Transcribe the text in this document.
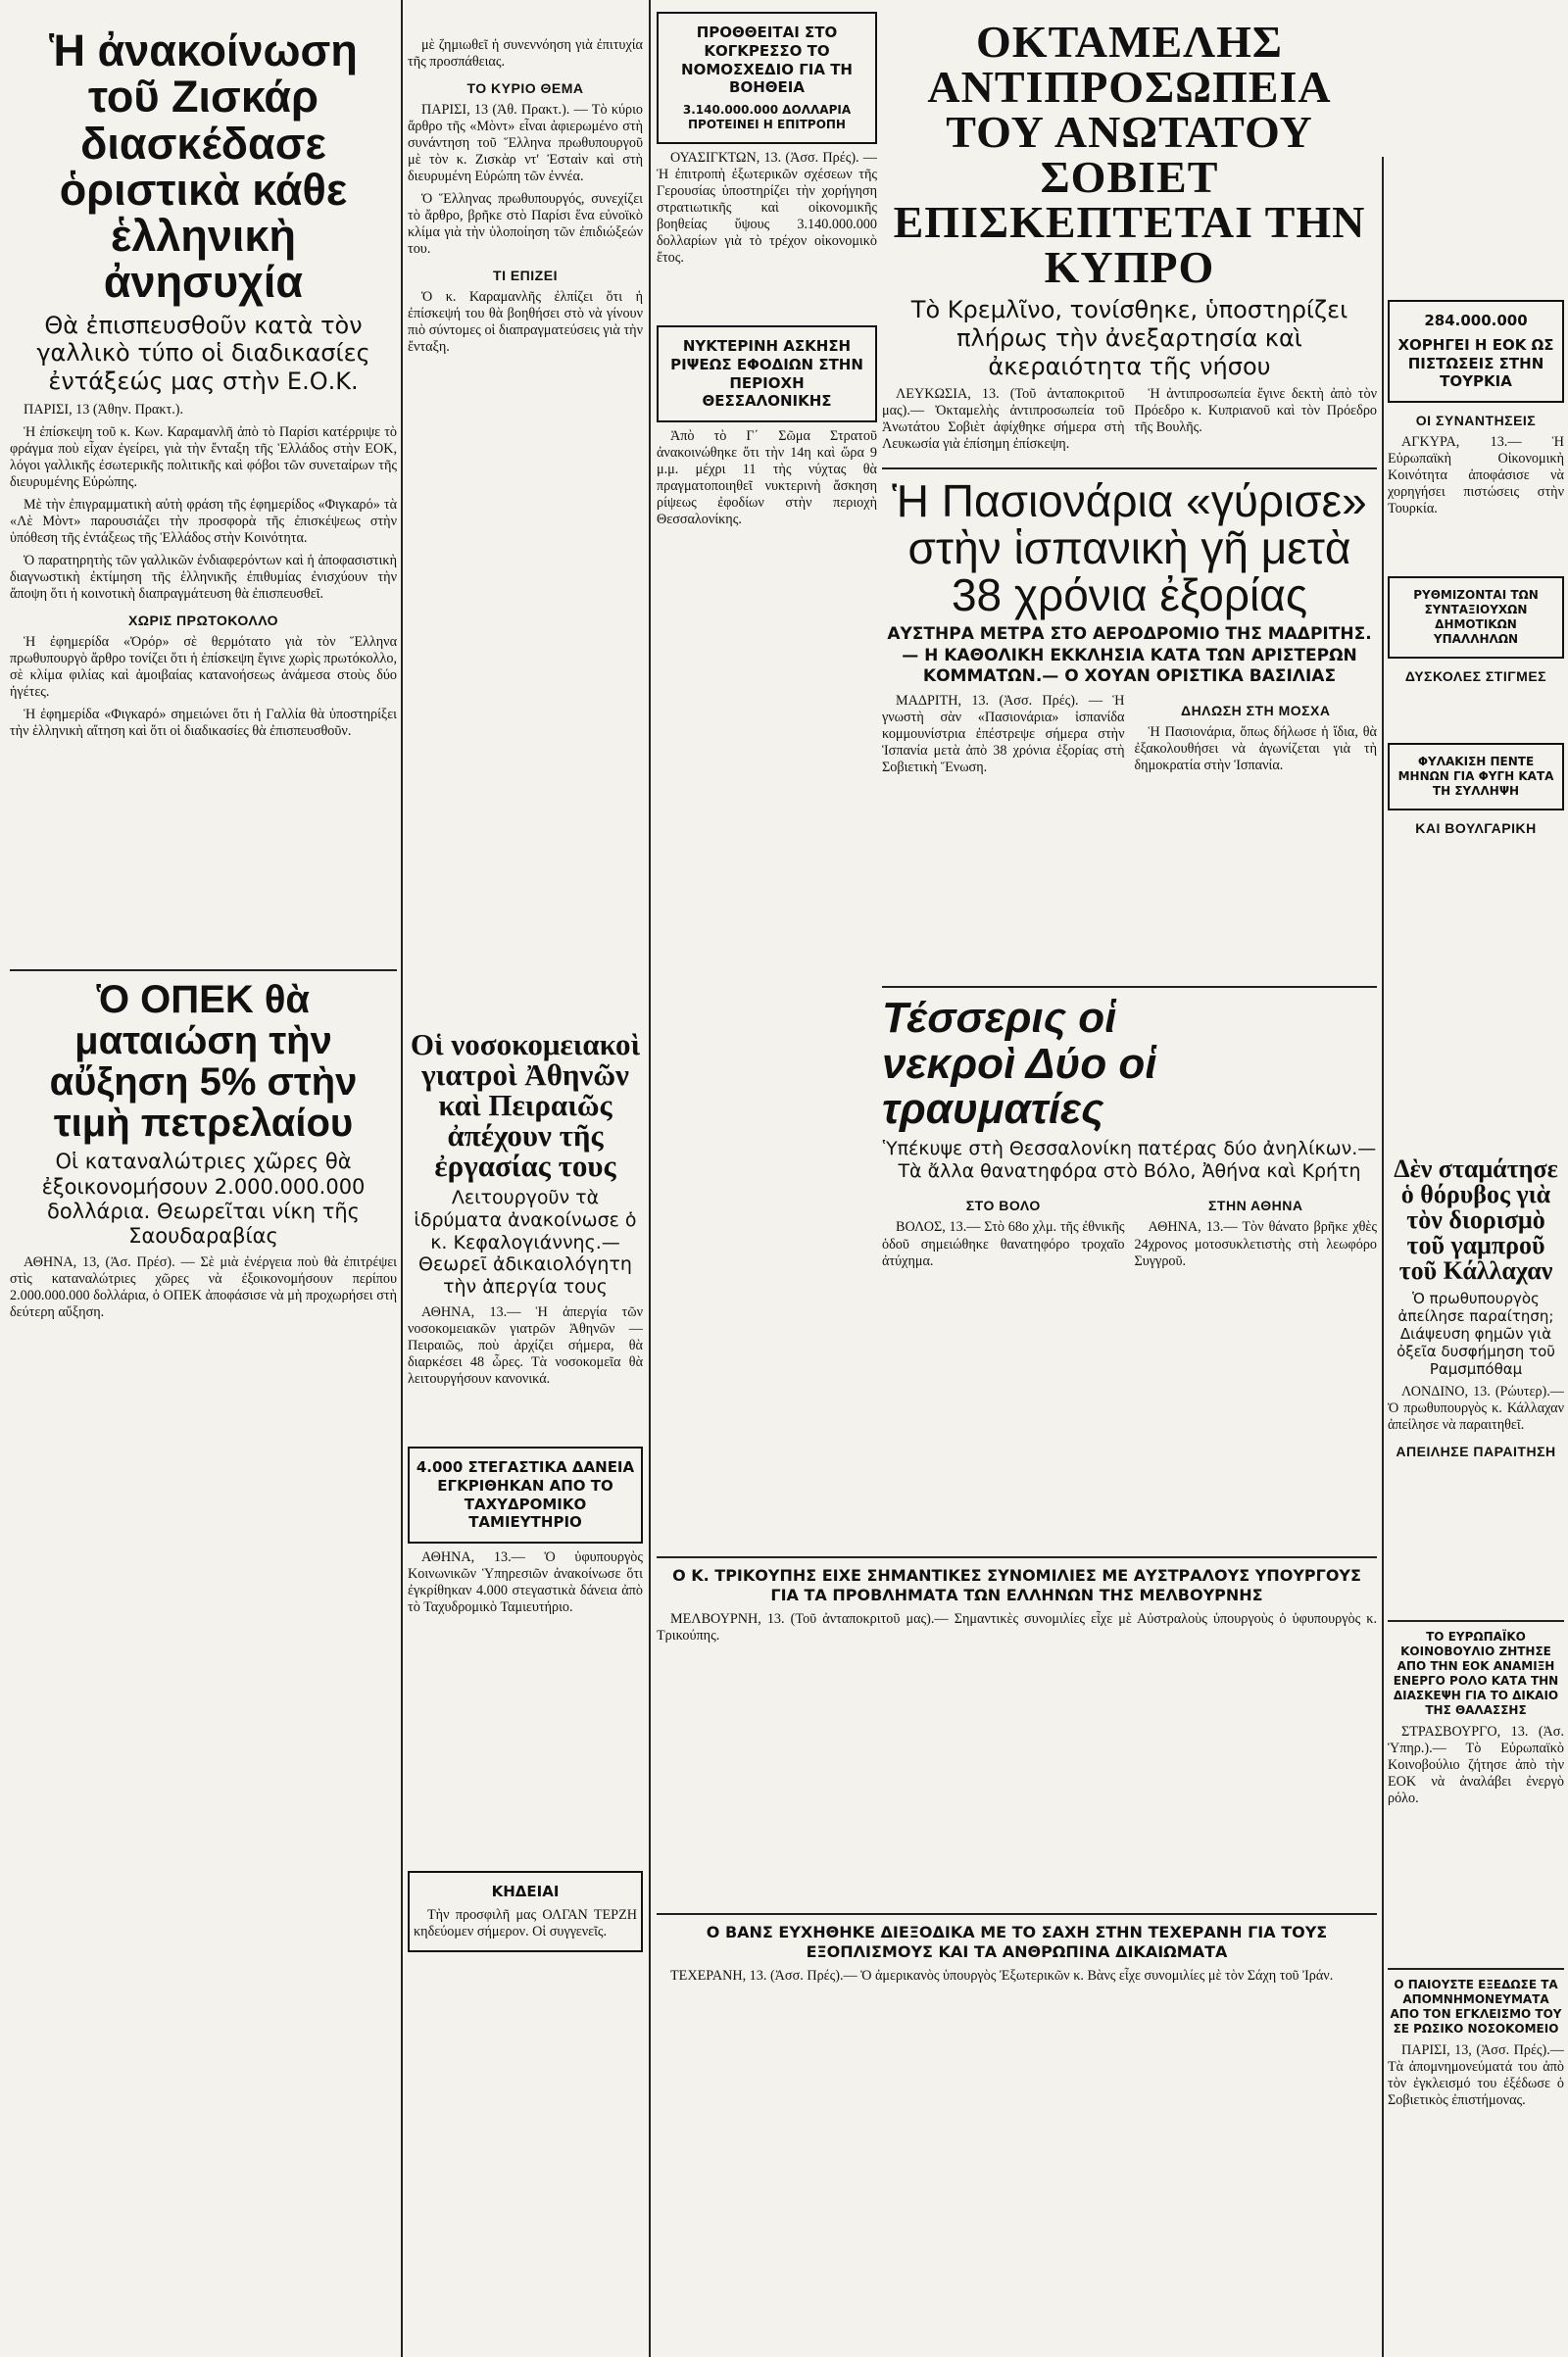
Ἡ ἀνακοίνωση τοῦ Ζισκάρ διασκέδασε ὁριστικὰ κάθε ἑλληνικὴ ἀνησυχία

Θὰ ἐπισπευσθοῦν κατὰ τὸν γαλλικὸ τύπο οἱ διαδικασίες ἐντάξεώς μας στὴν Ε.Ο.Κ.

ΠΑΡΙΣΙ, 13 (Ἀθην. Πρακτ.).

Ἡ ἐπίσκεψη τοῦ κ. Κων. Καραμανλῆ ἀπὸ τὸ Παρίσι κατέρριψε τὸ φράγμα ποὺ εἶχαν ἐγείρει, γιὰ τὴν ἔνταξη τῆς Ἑλλάδος στὴν ΕΟΚ, λόγοι γαλλικῆς ἐσωτερικῆς πολιτικῆς καὶ φόβοι τῶν συνεταίρων τῆς διευρυμένης Εὐρώπης.

Μὲ τὴν ἐπιγραμματικὴ αὐτὴ φράση τῆς ἐφημερίδος «Φιγκαρό» τὰ «Λὲ Μὸντ» παρουσιάζει τὴν προσφορὰ τῆς ἐπισκέψεως στὴν ὑπόθεση τῆς ἐντάξεως τῆς Ἑλλάδος στὴν Κοινότητα.

Ὁ παρατηρητὴς τῶν γαλλικῶν ἐνδιαφερόντων καὶ ἡ ἀποφασιστικὴ διαγνωστικὴ ἐκτίμηση τῆς ἑλληνικῆς ἐπιθυμίας ἐνισχύουν τὴν ἄποψη ὅτι ἡ κοινοτικὴ διαπραγμάτευση θὰ ἐπισπευσθεῖ.

ΧΩΡΙΣ ΠΡΩΤΟΚΟΛΛΟ

Ἡ ἐφημερίδα «Ὀρόρ» σὲ θερμότατο γιὰ τὸν Ἕλληνα πρωθυπουργὸ ἄρθρο τονίζει ὅτι ἡ ἐπίσκεψη ἔγινε χωρὶς πρωτόκολλο, σὲ κλίμα φιλίας καὶ ἀμοιβαίας κατανοήσεως ἀνάμεσα στοὺς δύο ἡγέτες.

Ἡ ἐφημερίδα «Φιγκαρό» σημειώνει ὅτι ἡ Γαλλία θὰ ὑποστηρίξει τὴν ἑλληνικὴ αἴτηση καὶ ὅτι οἱ διαδικασίες θὰ ἐπισπευσθοῦν.

Ὁ ΟΠΕΚ θὰ ματαιώση τὴν αὔξηση 5% στὴν τιμὴ πετρελαίου

Οἱ καταναλώτριες χῶρες θὰ ἐξοικονομήσουν 2.000.000.000 δολλάρια. Θεωρεῖται νίκη τῆς Σαουδαραβίας

ΑΘΗΝΑ, 13, (Ἀσ. Πρέσ). — Σὲ μιὰ ἐνέργεια ποὺ θὰ ἐπιτρέψει στὶς καταναλώτριες χῶρες νὰ ἐξοικονομήσουν περίπου 2.000.000.000 δολλάρια, ὁ ΟΠΕΚ ἀποφάσισε νὰ μὴ προχωρήσει στὴ δεύτερη αὔξηση.

μὲ ζημιωθεῖ ἡ συνεννόηση γιὰ ἐπιτυχία τῆς προσπάθειας.

ΤΟ ΚΥΡΙΟ ΘΕΜΑ

ΠΑΡΙΣΙ, 13 (Ἀθ. Πρακτ.). — Τὸ κύριο ἄρθρο τῆς «Μὸντ» εἶναι ἀφιερωμένο στὴ συνάντηση τοῦ Ἕλληνα πρωθυπουργοῦ μὲ τὸν κ. Ζισκὰρ ντ' Ἐσταὶν καὶ στὴ διευρυμένη Εὐρώπη τῶν ἐννέα.

Ὁ Ἕλληνας πρωθυπουργός, συνεχίζει τὸ ἄρθρο, βρῆκε στὸ Παρίσι ἕνα εὐνοϊκὸ κλίμα γιὰ τὴν ὑλοποίηση τῶν ἐπιδιώξεών του.

ΤΙ ΕΠΙΖΕΙ

Ὁ κ. Καραμανλῆς ἐλπίζει ὅτι ἡ ἐπίσκεψή του θὰ βοηθήσει στὸ νὰ γίνουν πιὸ σύντομες οἱ διαπραγματεύσεις γιὰ τὴν ἔνταξη.

Οἱ νοσοκομειακοὶ γιατροὶ Ἀθηνῶν καὶ Πειραιῶς ἀπέχουν τῆς ἐργασίας τους

Λειτουργοῦν τὰ ἱδρύματα ἀνακοίνωσε ὁ κ. Κεφαλογιάννης.— Θεωρεῖ ἀδικαιολόγητη τὴν ἀπεργία τους

ΑΘΗΝΑ, 13.— Ἡ ἀπεργία τῶν νοσοκομειακῶν γιατρῶν Ἀθηνῶν — Πειραιῶς, ποὺ ἀρχίζει σήμερα, θὰ διαρκέσει 48 ὧρες. Τὰ νοσοκομεῖα θὰ λειτουργήσουν κανονικά.

4.000 ΣΤΕΓΑΣΤΙΚΑ ΔΑΝΕΙΑ ΕΓΚΡΙΘΗΚΑΝ ΑΠΟ ΤΟ ΤΑΧΥΔΡΟΜΙΚΟ ΤΑΜΙΕΥΤΗΡΙΟ

ΑΘΗΝΑ, 13.— Ὁ ὑφυπουργὸς Κοινωνικῶν Ὑπηρεσιῶν ἀνακοίνωσε ὅτι ἐγκρίθηκαν 4.000 στεγαστικὰ δάνεια ἀπὸ τὸ Ταχυδρομικὸ Ταμιευτήριο.

ΚΗΔΕΙΑΙ

Τὴν προσφιλῆ μας ΟΛΓΑΝ ΤΕΡΖΗ κηδεύομεν σήμερον. Οἱ συγγενεῖς.

ΠΡΟΘΘΕΙΤΑΙ ΣΤΟ ΚΟΓΚΡΕΣΣΟ ΤΟ ΝΟΜΟΣΧΕΔΙΟ ΓΙΑ ΤΗ ΒΟΗΘΕΙΑ

3.140.000.000 ΔΟΛΛΑΡΙΑ ΠΡΟΤΕΙΝΕΙ Η ΕΠΙΤΡΟΠΗ

ΟΥΑΣΙΓΚΤΩΝ, 13. (Ἀσσ. Πρές). — Ἡ ἐπιτροπὴ ἐξωτερικῶν σχέσεων τῆς Γερουσίας ὑποστηρίζει τὴν χορήγηση στρατιωτικῆς καὶ οἰκονομικῆς βοηθείας ὕψους 3.140.000.000 δολλαρίων γιὰ τὸ τρέχον οἰκονομικὸ ἔτος.

ΝΥΚΤΕΡΙΝΗ ΑΣΚΗΣΗ ΡΙΨΕΩΣ ΕΦΟΔΙΩΝ ΣΤΗΝ ΠΕΡΙΟΧΗ ΘΕΣΣΑΛΟΝΙΚΗΣ

Ἀπὸ τὸ Γ΄ Σῶμα Στρατοῦ ἀνακοινώθηκε ὅτι τὴν 14η καὶ ὥρα 9 μ.μ. μέχρι 11 τὴς νύχτας θὰ πραγματοποιηθεῖ νυκτερινὴ ἄσκηση ρίψεως ἐφοδίων στὴν περιοχὴ Θεσσαλονίκης.

ΟΚΤΑΜΕΛΗΣ ΑΝΤΙΠΡΟΣΩΠΕΙΑ ΤΟΥ ΑΝΩΤΑΤΟΥ ΣΟΒΙΕΤ ΕΠΙΣΚΕΠΤΕΤΑΙ ΤΗΝ ΚΥΠΡΟ

Τὸ Κρεμλῖνο, τονίσθηκε, ὑποστηρίζει πλήρως τὴν ἀνεξαρτησία καὶ ἀκεραιότητα τῆς νήσου

ΛΕΥΚΩΣΙΑ, 13. (Τοῦ ἀνταποκριτοῦ μας).— Ὀκταμελὴς ἀντιπροσωπεία τοῦ Ἀνωτάτου Σοβιὲτ ἀφίχθηκε σήμερα στὴ Λευκωσία γιὰ ἐπίσημη ἐπίσκεψη.

Ἡ ἀντιπροσωπεία ἔγινε δεκτὴ ἀπὸ τὸν Πρόεδρο κ. Κυπριανοῦ καὶ τὸν Πρόεδρο τῆς Βουλῆς.

Ἡ Πασιονάρια «γύρισε» στὴν ἱσπανικὴ γῆ μετὰ 38 χρόνια ἐξορίας

ΑΥΣΤΗΡΑ ΜΕΤΡΑ ΣΤΟ ΑΕΡΟΔΡΟΜΙΟ ΤΗΣ ΜΑΔΡΙΤΗΣ.— Η ΚΑΘΟΛΙΚΗ ΕΚΚΛΗΣΙΑ ΚΑΤΑ ΤΩΝ ΑΡΙΣΤΕΡΩΝ ΚΟΜΜΑΤΩΝ.— Ο ΧΟΥΑΝ ΟΡΙΣΤΙΚΑ ΒΑΣΙΛΙΑΣ

ΜΑΔΡΙΤΗ, 13. (Ἀσσ. Πρές). — Ἡ γνωστὴ σὰν «Πασιονάρια» ἱσπανίδα κομμουνίστρια ἐπέστρεψε σήμερα στὴν Ἱσπανία μετὰ ἀπὸ 38 χρόνια ἐξορίας στὴ Σοβιετικὴ Ἕνωση.

ΔΗΛΩΣΗ ΣΤΗ ΜΟΣΧΑ

Ἡ Πασιονάρια, ὅπως δήλωσε ἡ ἴδια, θὰ ἐξακολουθήσει νὰ ἀγωνίζεται γιὰ τὴ δημοκρατία στὴν Ἱσπανία.

Τέσσερις οἱ νεκροὶ Δύο οἱ τραυματίες

Ὑπέκυψε στὴ Θεσσαλονίκη πατέρας δύο ἀνηλίκων.— Τὰ ἄλλα θανατηφόρα στὸ Βόλο, Ἀθήνα καὶ Κρήτη

ΣΤΟ ΒΟΛΟ

ΒΟΛΟΣ, 13.— Στὸ 68ο χλμ. τῆς ἐθνικῆς ὁδοῦ σημειώθηκε θανατηφόρο τροχαῖο ἀτύχημα.

ΣΤΗΝ ΑΘΗΝΑ

ΑΘΗΝΑ, 13.— Τὸν θάνατο βρῆκε χθὲς 24χρονος μοτοσυκλετιστὴς στὴ λεωφόρο Συγγροῦ.

Ο Κ. ΤΡΙΚΟΥΠΗΣ ΕΙΧΕ ΣΗΜΑΝΤΙΚΕΣ ΣΥΝΟΜΙΛΙΕΣ ΜΕ ΑΥΣΤΡΑΛΟΥΣ ΥΠΟΥΡΓΟΥΣ ΓΙΑ ΤΑ ΠΡΟΒΛΗΜΑΤΑ ΤΩΝ ΕΛΛΗΝΩΝ ΤΗΣ ΜΕΛΒΟΥΡΝΗΣ

ΜΕΛΒΟΥΡΝΗ, 13. (Τοῦ ἀνταποκριτοῦ μας).— Σημαντικὲς συνομιλίες εἶχε μὲ Αὐστραλοὺς ὑπουργοὺς ὁ ὑφυπουργὸς κ. Τρικούπης.

Ο ΒΑΝΣ ΕΥΧΗΘΗΚΕ ΔΙΕΞΟΔΙΚΑ ΜΕ ΤΟ ΣΑΧΗ ΣΤΗΝ ΤΕΧΕΡΑΝΗ ΓΙΑ ΤΟΥΣ ΕΞΟΠΛΙΣΜΟΥΣ ΚΑΙ ΤΑ ΑΝΘΡΩΠΙΝΑ ΔΙΚΑΙΩΜΑΤΑ

ΤΕΧΕΡΑΝΗ, 13. (Ἀσσ. Πρές).— Ὁ ἀμερικανὸς ὑπουργὸς Ἐξωτερικῶν κ. Βὰνς εἶχε συνομιλίες μὲ τὸν Σάχη τοῦ Ἰράν.

284.000.000

ΧΟΡΗΓΕΙ Η ΕΟΚ ΩΣ ΠΙΣΤΩΣΕΙΣ ΣΤΗΝ ΤΟΥΡΚΙΑ

ΟΙ ΣΥΝΑΝΤΗΣΕΙΣ

ΑΓΚΥΡΑ, 13.— Ἡ Εὐρωπαϊκὴ Οἰκονομικὴ Κοινότητα ἀποφάσισε νὰ χορηγήσει πιστώσεις στὴν Τουρκία.

ΡΥΘΜΙΖΟΝΤΑΙ ΤΩΝ ΣΥΝΤΑΞΙΟΥΧΩΝ ΔΗΜΟΤΙΚΩΝ ΥΠΑΛΛΗΛΩΝ

ΔΥΣΚΟΛΕΣ ΣΤΙΓΜΕΣ

ΦΥΛΑΚΙΣΗ ΠΕΝΤΕ ΜΗΝΩΝ ΓΙΑ ΦΥΓΗ ΚΑΤΑ ΤΗ ΣΥΛΛΗΨΗ

ΚΑΙ ΒΟΥΛΓΑΡΙΚΗ

Δὲν σταμάτησε ὁ θόρυβος γιὰ τὸν διορισμὸ τοῦ γαμπροῦ τοῦ Κάλλαχαν

Ὁ πρωθυπουργὸς ἀπείλησε παραίτηση; Διάψευση φημῶν γιὰ ὀξεῖα δυσφήμηση τοῦ Ραμσμπόθαμ

ΛΟΝΔΙΝΟ, 13. (Ρώυτερ).— Ὁ πρωθυπουργὸς κ. Κάλλαχαν ἀπείλησε νὰ παραιτηθεῖ.

ΑΠΕΙΛΗΣΕ ΠΑΡΑΙΤΗΣΗ

ΤΟ ΕΥΡΩΠΑΪΚΟ ΚΟΙΝΟΒΟΥΛΙΟ ΖΗΤΗΣΕ ΑΠΟ ΤΗΝ ΕΟΚ ΑΝΑΜΙΞΗ ΕΝΕΡΓΟ ΡΟΛΟ ΚΑΤΑ ΤΗΝ ΔΙΑΣΚΕΨΗ ΓΙΑ ΤΟ ΔΙΚΑΙΟ ΤΗΣ ΘΑΛΑΣΣΗΣ

ΣΤΡΑΣΒΟΥΡΓΟ, 13. (Ἀσ. Ὑπηρ.).— Τὸ Εὐρωπαϊκὸ Κοινοβούλιο ζήτησε ἀπὸ τὴν ΕΟΚ νὰ ἀναλάβει ἐνεργὸ ρόλο.

Ο ΠΑΙΟΥΣΤΕ ΕΞΕΔΩΣΕ ΤΑ ΑΠΟΜΝΗΜΟΝΕΥΜΑΤΑ ΑΠΟ ΤΟΝ ΕΓΚΛΕΙΣΜΟ ΤΟΥ ΣΕ ΡΩΣΙΚΟ ΝΟΣΟΚΟΜΕΙΟ

ΠΑΡΙΣΙ, 13, (Ἀσσ. Πρές).— Τὰ ἀπομνημονεύματά του ἀπὸ τὸν ἐγκλεισμό του ἐξέδωσε ὁ Σοβιετικὸς ἐπιστήμονας.
